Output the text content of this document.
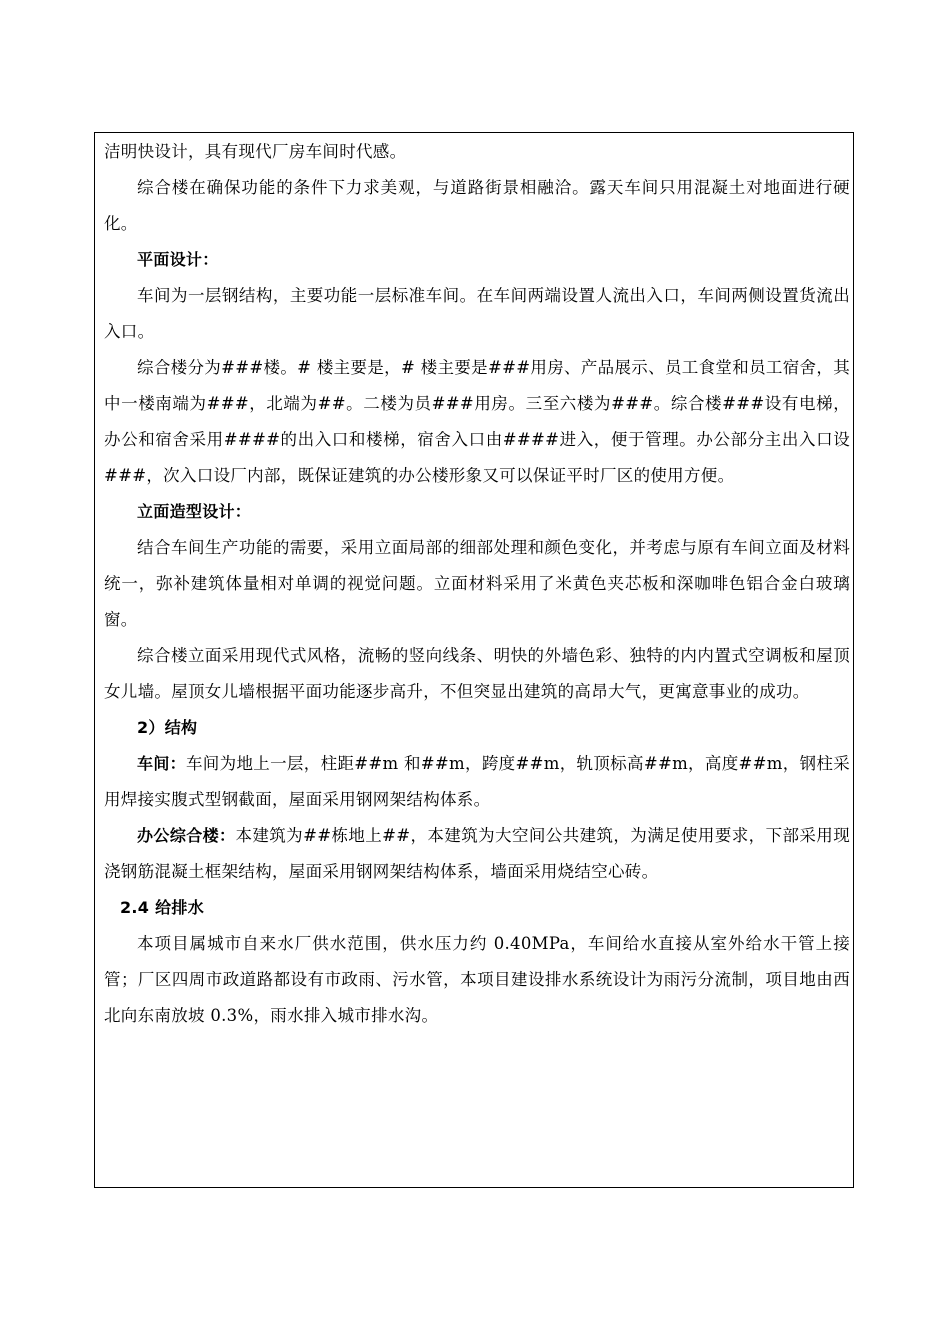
洁明快设计，具有现代厂房车间时代感。

综合楼在确保功能的条件下力求美观，与道路街景相融洽。露天车间只用混凝土对地面进行硬化。

平面设计：

车间为一层钢结构，主要功能一层标准车间。在车间两端设置人流出入口，车间两侧设置货流出入口。

综合楼分为###楼。# 楼主要是，# 楼主要是###用房、产品展示、员工食堂和员工宿舍，其中一楼南端为###，北端为##。二楼为员###用房。三至六楼为###。综合楼###设有电梯，办公和宿舍采用####的出入口和楼梯，宿舍入口由####进入，便于管理。办公部分主出入口设###，次入口设厂内部，既保证建筑的办公楼形象又可以保证平时厂区的使用方便。

立面造型设计：

结合车间生产功能的需要，采用立面局部的细部处理和颜色变化，并考虑与原有车间立面及材料统一，弥补建筑体量相对单调的视觉问题。立面材料采用了米黄色夹芯板和深咖啡色铝合金白玻璃窗。

综合楼立面采用现代式风格，流畅的竖向线条、明快的外墙色彩、独特的内内置式空调板和屋顶女儿墙。屋顶女儿墙根据平面功能逐步高升，不但突显出建筑的高昂大气，更寓意事业的成功。

2）结构

车间：车间为地上一层，柱距##m 和##m，跨度##m，轨顶标高##m，高度##m，钢柱采用焊接实腹式型钢截面，屋面采用钢网架结构体系。

办公综合楼：本建筑为##栋地上##，本建筑为大空间公共建筑，为满足使用要求，下部采用现浇钢筋混凝土框架结构，屋面采用钢网架结构体系，墙面采用烧结空心砖。

2.4 给排水

本项目属城市自来水厂供水范围，供水压力约 0.40MPa，车间给水直接从室外给水干管上接管；厂区四周市政道路都设有市政雨、污水管，本项目建设排水系统设计为雨污分流制，项目地由西北向东南放坡 0.3%，雨水排入城市排水沟。
